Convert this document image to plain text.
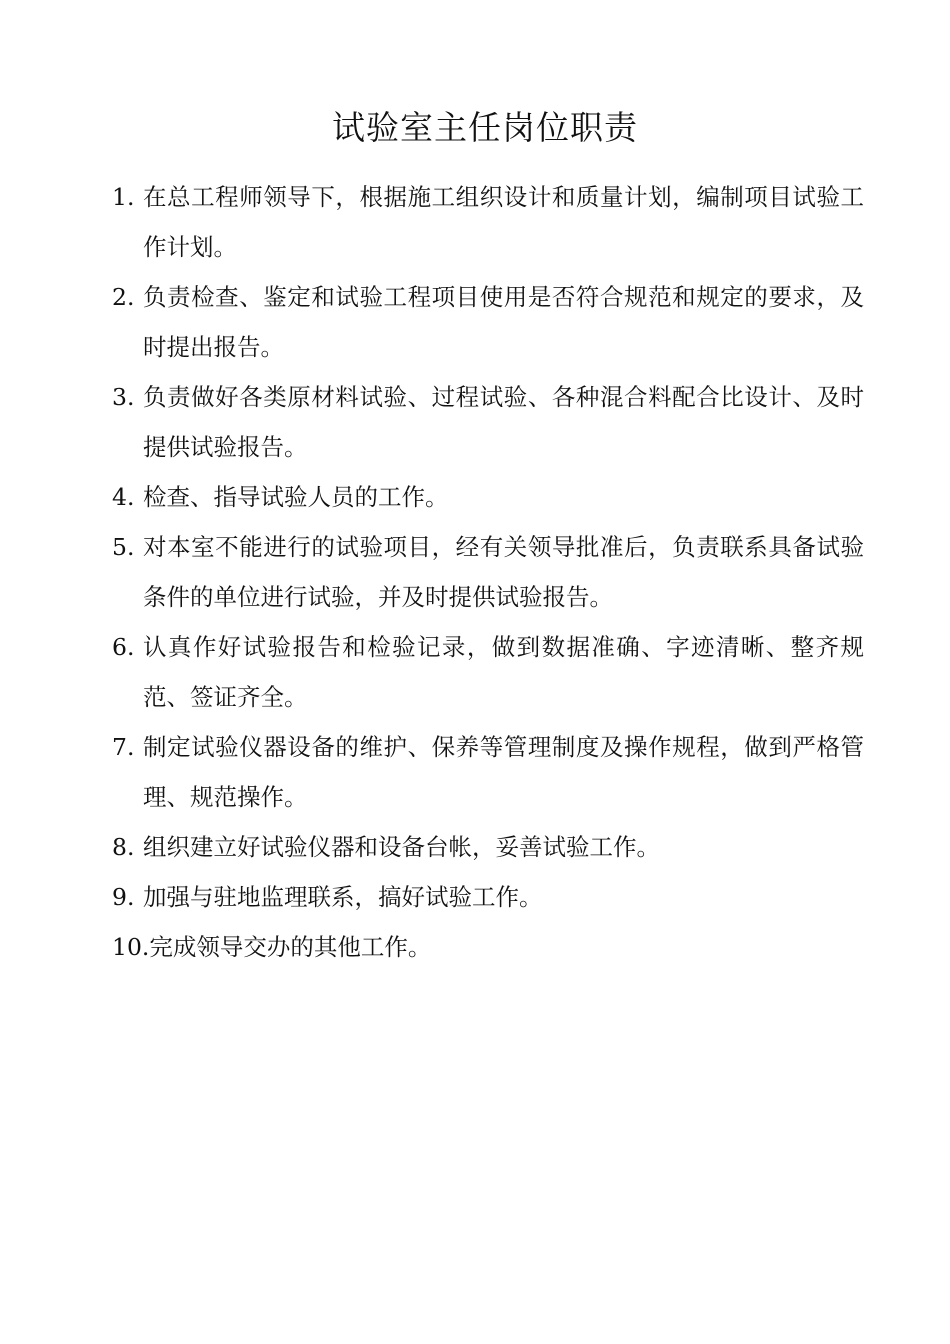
试验室主任岗位职责
1. 在总工程师领导下，根据施工组织设计和质量计划，编制项目试验工作计划。
2. 负责检查、鉴定和试验工程项目使用是否符合规范和规定的要求，及时提出报告。
3. 负责做好各类原材料试验、过程试验、各种混合料配合比设计、及时提供试验报告。
4. 检查、指导试验人员的工作。
5. 对本室不能进行的试验项目，经有关领导批准后，负责联系具备试验条件的单位进行试验，并及时提供试验报告。
6. 认真作好试验报告和检验记录，做到数据准确、字迹清晰、整齐规范、签证齐全。
7. 制定试验仪器设备的维护、保养等管理制度及操作规程，做到严格管理、规范操作。
8. 组织建立好试验仪器和设备台帐，妥善试验工作。
9. 加强与驻地监理联系，搞好试验工作。
10. 完成领导交办的其他工作。
